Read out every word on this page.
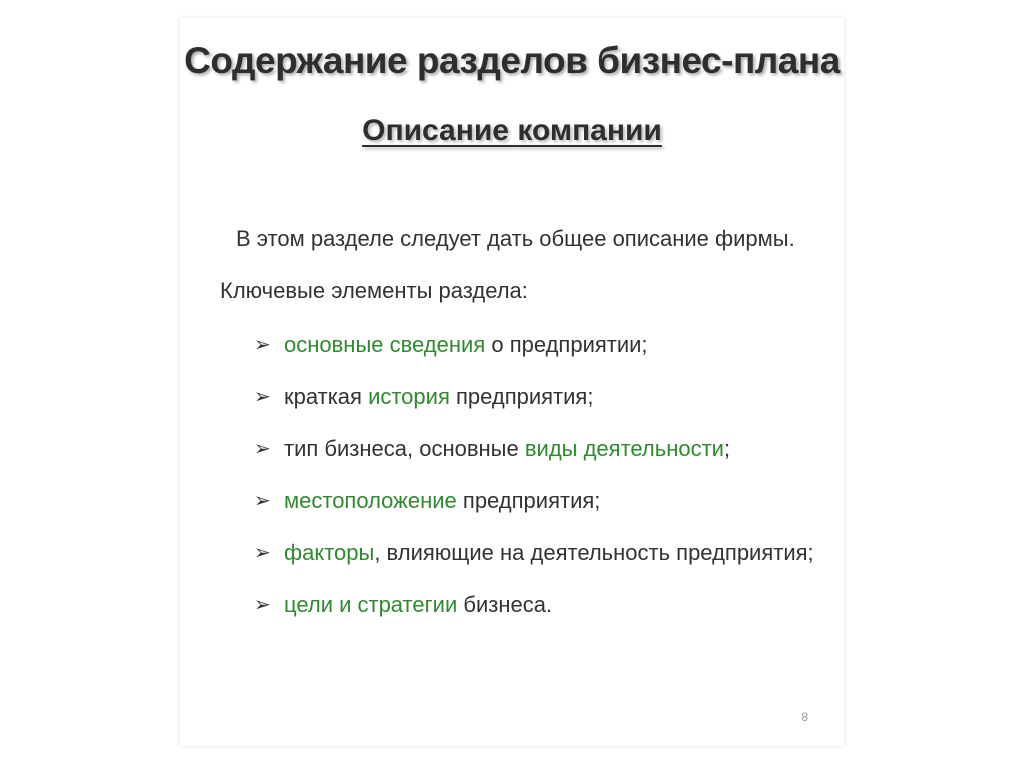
Содержание разделов бизнес-плана
Описание компании
В этом разделе следует дать общее описание фирмы.
Ключевые элементы раздела:
➢ основные сведения о предприятии;
➢ краткая история предприятия;
➢ тип бизнеса, основные виды деятельности;
➢ местоположение предприятия;
➢ факторы, влияющие на деятельность предприятия;
➢ цели и стратегии бизнеса.
8
